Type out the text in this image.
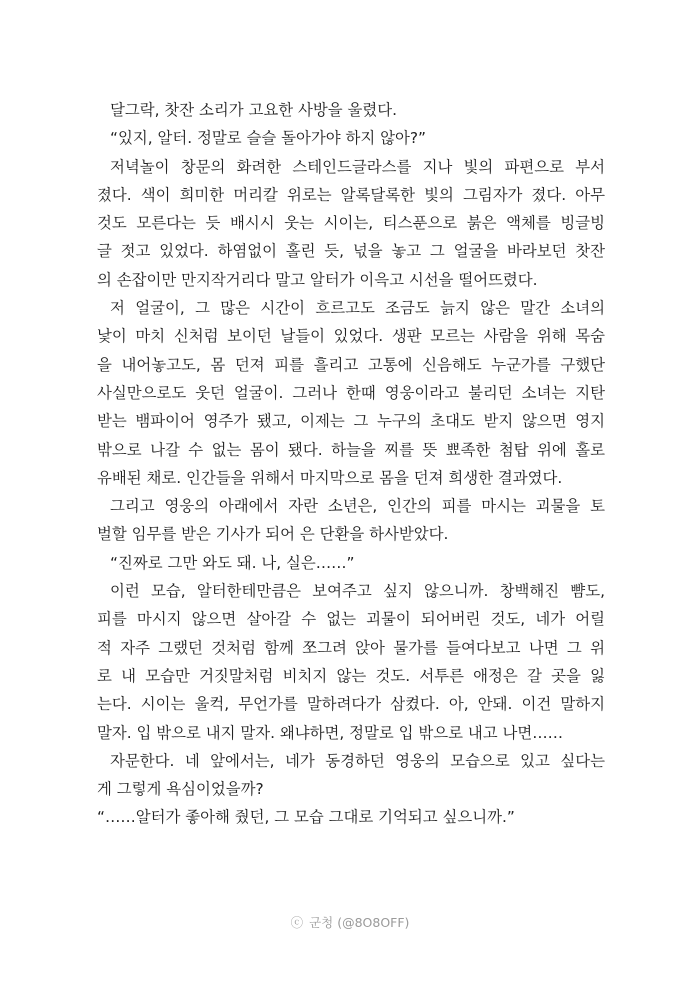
달그락, 찻잔 소리가 고요한 사방을 울렸다.
“있지, 알터. 정말로 슬슬 돌아가야 하지 않아?”
저녁놀이 창문의 화려한 스테인드글라스를 지나 빛의 파편으로 부서
졌다. 색이 희미한 머리칼 위로는 알록달록한 빛의 그림자가 졌다. 아무
것도 모른다는 듯 배시시 웃는 시이는, 티스푼으로 붉은 액체를 빙글빙
글 젓고 있었다. 하염없이 홀린 듯, 넋을 놓고 그 얼굴을 바라보던 찻잔
의 손잡이만 만지작거리다 말고 알터가 이윽고 시선을 떨어뜨렸다.
저 얼굴이, 그 많은 시간이 흐르고도 조금도 늙지 않은 말간 소녀의
낯이 마치 신처럼 보이던 날들이 있었다. 생판 모르는 사람을 위해 목숨
을 내어놓고도, 몸 던져 피를 흘리고 고통에 신음해도 누군가를 구했단
사실만으로도 웃던 얼굴이. 그러나 한때 영웅이라고 불리던 소녀는 지탄
받는 뱀파이어 영주가 됐고, 이제는 그 누구의 초대도 받지 않으면 영지
밖으로 나갈 수 없는 몸이 됐다. 하늘을 찌를 뜻 뾰족한 첨탑 위에 홀로
유배된 채로. 인간들을 위해서 마지막으로 몸을 던져 희생한 결과였다.
그리고 영웅의 아래에서 자란 소년은, 인간의 피를 마시는 괴물을 토
벌할 임무를 받은 기사가 되어 은 단환을 하사받았다.
“진짜로 그만 와도 돼. 나, 실은……”
이런 모습, 알터한테만큼은 보여주고 싶지 않으니까. 창백해진 뺨도,
피를 마시지 않으면 살아갈 수 없는 괴물이 되어버린 것도, 네가 어릴
적 자주 그랬던 것처럼 함께 쪼그려 앉아 물가를 들여다보고 나면 그 위
로 내 모습만 거짓말처럼 비치지 않는 것도. 서투른 애정은 갈 곳을 잃
는다. 시이는 울컥, 무언가를 말하려다가 삼켰다. 아, 안돼. 이건 말하지
말자. 입 밖으로 내지 말자. 왜냐하면, 정말로 입 밖으로 내고 나면……
자문한다. 네 앞에서는, 네가 동경하던 영웅의 모습으로 있고 싶다는
게 그렇게 욕심이었을까?
“……알터가 좋아해 줬던, 그 모습 그대로 기억되고 싶으니까.”
ⓒ 군청 (@8O8OFF)
